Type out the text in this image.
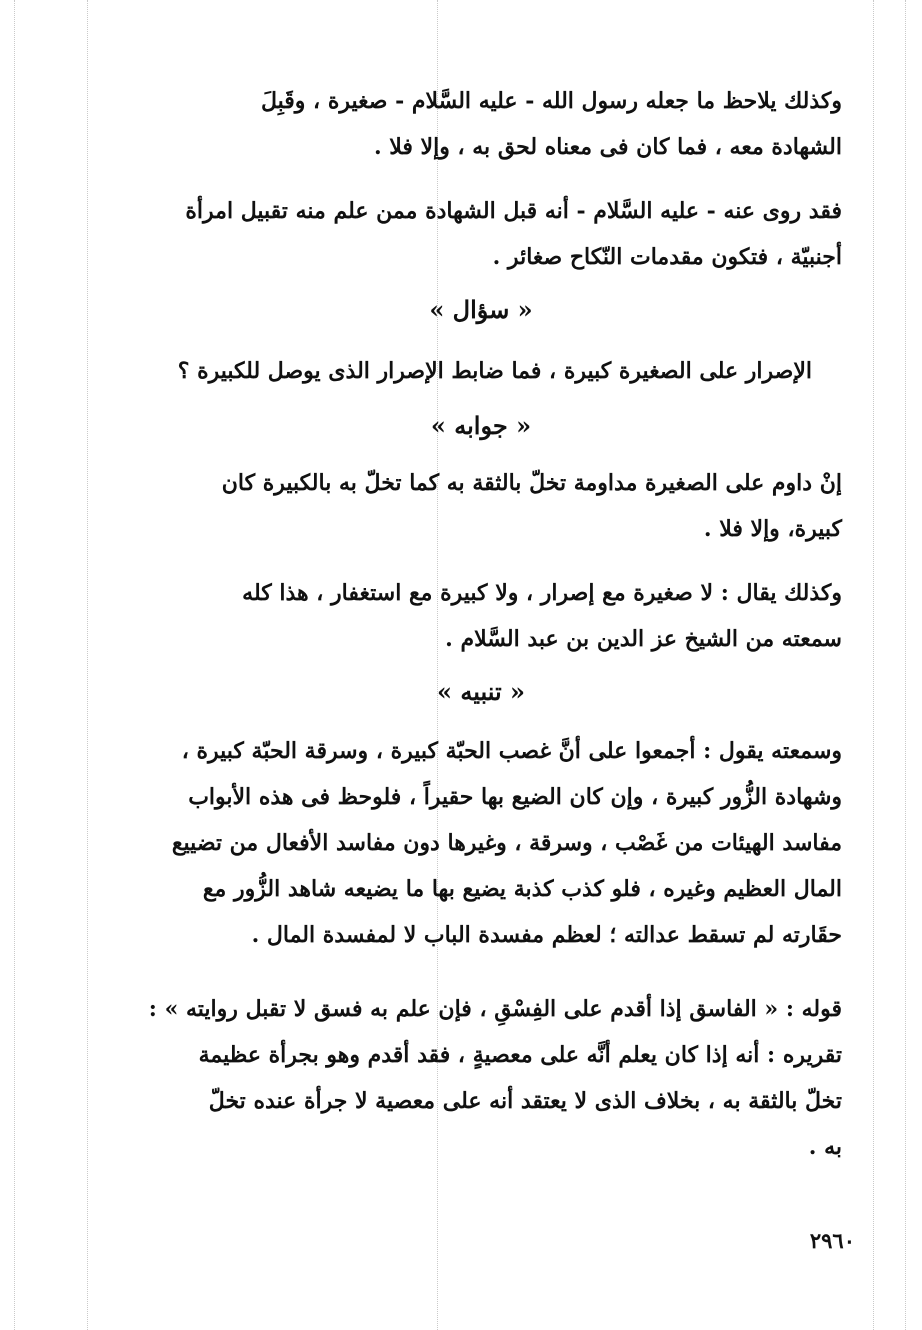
وكذلك يلاحظ ما جعله رسول الله - عليه السَّلام - صغيرة ، وقَبِلَ
الشهادة معه ، فما كان فى معناه لحق به ، وإلا فلا .
فقد روى عنه - عليه السَّلام - أنه قبل الشهادة ممن علم منه تقبيل امرأة
أجنبيّة ، فتكون مقدمات النّكاح صغائر .
« سؤال »
الإصرار على الصغيرة كبيرة ، فما ضابط الإصرار الذى يوصل للكبيرة ؟
« جوابه »
إنْ داوم على الصغيرة مداومة تخلّ بالثقة به كما تخلّ به بالكبيرة كان
كبيرة، وإلا فلا .
وكذلك يقال : لا صغيرة مع إصرار ، ولا كبيرة مع استغفار ، هذا كله
سمعته من الشيخ عز الدين بن عبد السَّلام .
« تنبيه »
وسمعته يقول : أجمعوا على أنَّ غصب الحبّة كبيرة ، وسرقة الحبّة كبيرة ،
وشهادة الزُّور كبيرة ، وإن كان الضيع بها حقيراً ، فلوحظ فى هذه الأبواب
مفاسد الهيئات من غَصْب ، وسرقة ، وغيرها دون مفاسد الأفعال من تضييع
المال العظيم وغيره ، فلو كذب كذبة يضيع بها ما يضيعه شاهد الزُّور مع
حقَارته لم تسقط عدالته ؛ لعظم مفسدة الباب لا لمفسدة المال .
قوله : « الفاسق إذا أقدم على الفِسْقِ ، فإن علم به فسق لا تقبل روايته » :
تقريره : أنه إذا كان يعلم أنَّه على معصيةٍ ، فقد أقدم وهو بجرأة عظيمة
تخلّ بالثقة به ، بخلاف الذى لا يعتقد أنه على معصية لا جرأة عنده تخلّ
به .
٢٩٦٠
